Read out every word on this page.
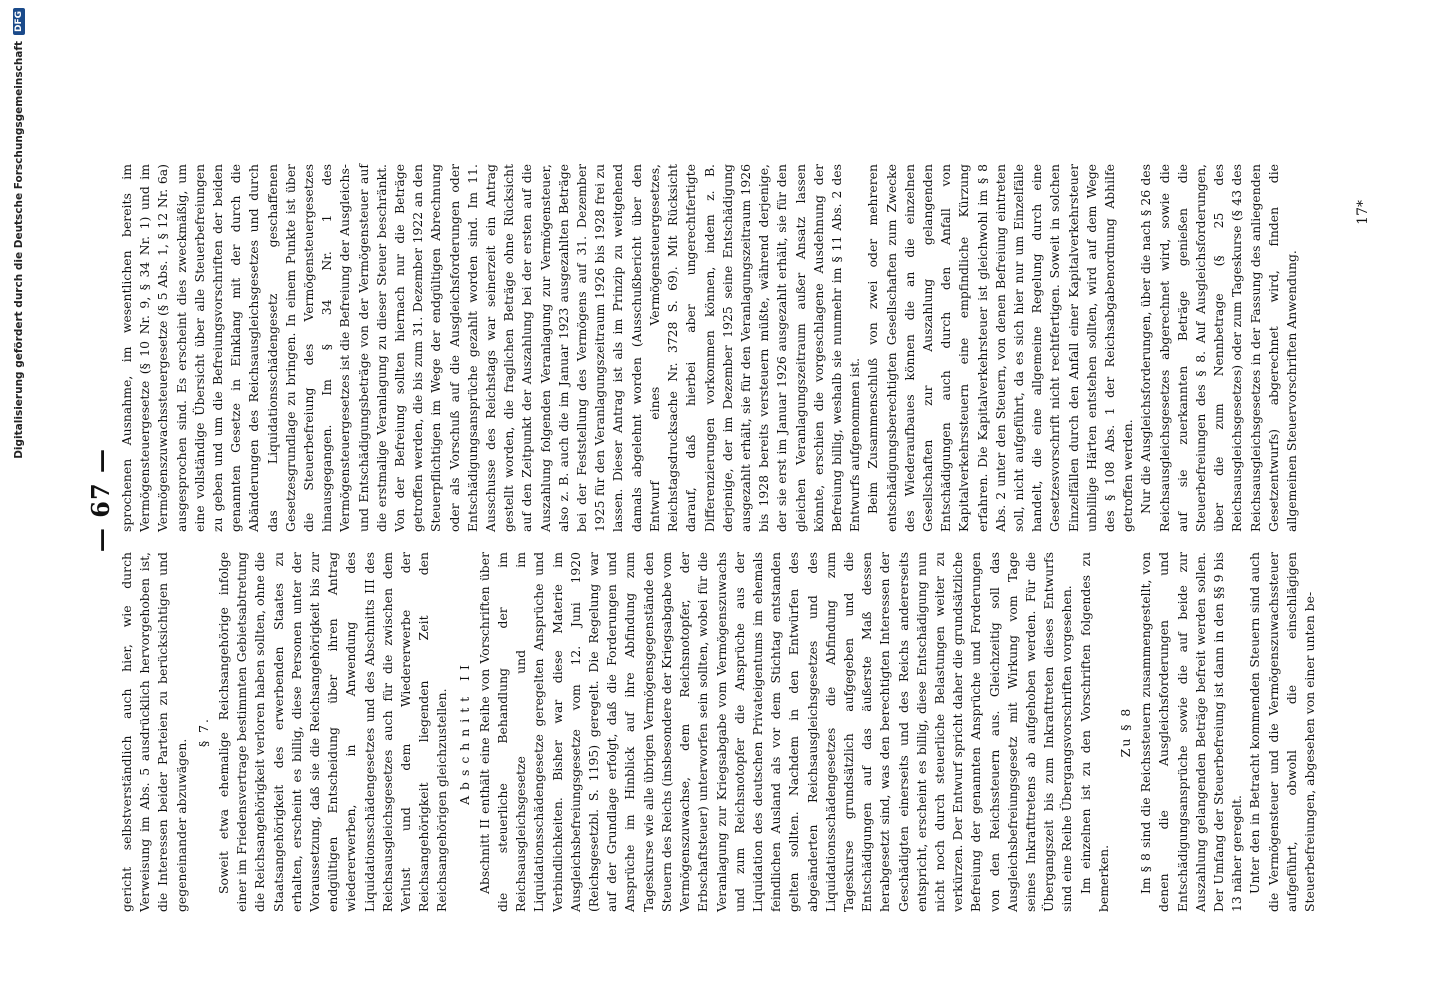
Digitalisierung gefördert durch die Deutsche Forschungsgemeinschaft
DFG
— 67 —

gericht selbstverständlich auch hier, wie durch Verweisung im Abs. 5 ausdrücklich hervorgehoben ist, die Interessen beider Parteien zu berücksichtigen und gegeneinander abzuwägen.

§ 7. Soweit etwa ehemalige Reichsangehörige infolge einer im Friedensvertrage bestimmten Gebietsabtretung die Reichsangehörigkeit verloren haben sollten, ohne die Staatsangehörigkeit des erwerbenden Staates zu erhalten, erscheint es billig, diese Personen unter der Voraussetzung, daß sie die Reichsangehörigkeit bis zur endgültigen Entscheidung über ihren Antrag wiedererwerben, in Anwendung des Liquidationsschädengesetzes und des Abschnitts III des Reichsausgleichsgesetzes auch für die zwischen dem Verlust und dem Wiedererwerbe der Reichsangehörigkeit liegenden Zeit den Reichsangehörigen gleichzustellen. Abschnitt II Abschnitt II enthält eine Reihe von Vorschriften über die steuerliche Behandlung der im Reichsausgleichsgesetze und im Liquidationsschädengesetze geregelten Ansprüche und Verbindlichkeiten. Bisher war diese Materie im Ausgleichsbefreiungsgesetze vom 12. Juni 1920 (Reichsgesetzbl. S. 1195) geregelt. Die Regelung war auf der Grundlage erfolgt, daß die Forderungen und Ansprüche im Hinblick auf ihre Abfindung zum Tageskurse wie alle übrigen Vermögensgegenstände den Steuern des Reichs (insbesondere der Kriegsabgabe vom Vermögenszuwachse, dem Reichsnotopfer, der Erbschaftsteuer) unterworfen sein sollten, wobei für die Veranlagung zur Kriegsabgabe vom Vermögenszuwachs und zum Reichsnotopfer die Ansprüche aus der Liquidation des deutschen Privateigentums im ehemals feindlichen Ausland als vor dem Stichtag entstanden gelten sollten. Nachdem in den Entwürfen des abgeänderten Reichsausgleichsgesetzes und des Liquidationsschädengesetzes die Abfindung zum Tageskurse grundsätzlich aufgegeben und die Entschädigungen auf das äußerste Maß dessen herabgesetzt sind, was den berechtigten Interessen der Geschädigten einerseits und des Reichs andererseits entspricht, erscheint es billig, diese Entschädigung nun nicht noch durch steuerliche Belastungen weiter zu verkürzen. Der Entwurf spricht daher die grundsätzliche Befreiung der genannten Ansprüche und Forderungen von den Reichssteuern aus. Gleichzeitig soll das Ausgleichsbefreiungsgesetz mit Wirkung vom Tage seines Inkrafttretens ab aufgehoben werden. Für die Übergangszeit bis zum Inkrafttreten dieses Entwurfs sind eine Reihe Übergangsvorschriften vorgesehen. Im einzelnen ist zu den Vorschriften folgendes zu bemerken.

Zu § 8 Im § 8 sind die Reichssteuern zusammengestellt, von denen die Ausgleichsforderungen und Entschädigungsansprüche sowie die auf beide zur Auszahlung gelangenden Beträge befreit werden sollen. Der Umfang der Steuerbefreiung ist dann in den §§ 9 bis 13 näher geregelt. Unter den in Betracht kommenden Steuern sind auch die Vermögensteuer und die Vermögenszuwachssteuer aufgeführt, obwohl die einschlägigen Steuerbefreiungen, abgesehen von einer unten be-

sprochenen Ausnahme, im wesentlichen bereits im Vermögensteuergesetze (§ 10 Nr. 9, § 34 Nr. 1) und im Vermögenszuwachssteuergesetze (§ 5 Abs. 1, § 12 Nr. 6a) ausgesprochen sind. Es erscheint dies zweckmäßig, um eine vollständige Übersicht über alle Steuerbefreiungen zu geben und um die Befreiungsvorschriften der beiden genannten Gesetze in Einklang mit der durch die Abänderungen des Reichsausgleichsgesetzes und durch das Liquidationsschädengesetz geschaffenen Gesetzesgrundlage zu bringen. In einem Punkte ist über die Steuerbefreiung des Vermögensteuergesetzes hinausgegangen. Im § 34 Nr. 1 des Vermögensteuergesetzes ist die Befreiung der Ausgleichs- und Entschädigungsbeträge von der Vermögensteuer auf die erstmalige Veranlagung zu dieser Steuer beschränkt. Von der Befreiung sollten hiernach nur die Beträge getroffen werden, die bis zum 31. Dezember 1922 an den Steuerpflichtigen im Wege der endgültigen Abrechnung oder als Vorschuß auf die Ausgleichsforderungen oder Entschädigungsansprüche gezahlt worden sind. Im 11. Ausschusse des Reichstags war seinerzeit ein Antrag gestellt worden, die fraglichen Beträge ohne Rücksicht auf den Zeitpunkt der Auszahlung bei der ersten auf die Auszahlung folgenden Veranlagung zur Vermögensteuer, also z. B. auch die im Januar 1923 ausgezahlten Beträge bei der Feststellung des Vermögens auf 31. Dezember 1925 für den Veranlagungszeitraum 1926 bis 1928 frei zu lassen. Dieser Antrag ist als im Prinzip zu weitgehend damals abgelehnt worden (Ausschußbericht über den Entwurf eines Vermögensteuergesetzes, Reichstagsdrucksache Nr. 3728 S. 69). Mit Rücksicht darauf, daß hierbei aber ungerechtfertigte Differenzierungen vorkommen können, indem z. B. derjenige, der im Dezember 1925 seine Entschädigung ausgezahlt erhält, sie für den Veranlagungszeitraum 1926 bis 1928 bereits versteuern müßte, während derjenige, der sie erst im Januar 1926 ausgezahlt erhält, sie für den gleichen Veranlagungszeitraum außer Ansatz lassen könnte, erschien die vorgeschlagene Ausdehnung der Befreiung billig, weshalb sie nunmehr im § 11 Abs. 2 des Entwurfs aufgenommen ist. Beim Zusammenschluß von zwei oder mehreren entschädigungsberechtigten Gesellschaften zum Zwecke des Wiederaufbaues können die an die einzelnen Gesellschaften zur Auszahlung gelangenden Entschädigungen auch durch den Anfall von Kapitalverkehrssteuern eine empfindliche Kürzung erfahren. Die Kapitalverkehrsteuer ist gleichwohl im § 8 Abs. 2 unter den Steuern, von denen Befreiung eintreten soll, nicht aufgeführt, da es sich hier nur um Einzelfälle handelt, die eine allgemeine Regelung durch eine Gesetzesvorschrift nicht rechtfertigen. Soweit in solchen Einzelfällen durch den Anfall einer Kapitalverkehrsteuer unbillige Härten entstehen sollten, wird auf dem Wege des § 108 Abs. 1 der Reichsabgabenordnung Abhilfe getroffen werden. Nur die Ausgleichsforderungen, über die nach § 26 des Reichsausgleichsgesetzes abgerechnet wird, sowie die auf sie zuerkannten Beträge genießen die Steuerbefreiungen des § 8. Auf Ausgleichsforderungen, über die zum Nennbetrage (§ 25 des Reichsausgleichsgesetzes) oder zum Tageskurse (§ 43 des Reichsausgleichsgesetzes in der Fassung des anliegenden Gesetzentwurfs) abgerechnet wird, finden die allgemeinen Steuervorschriften Anwendung.

17*
